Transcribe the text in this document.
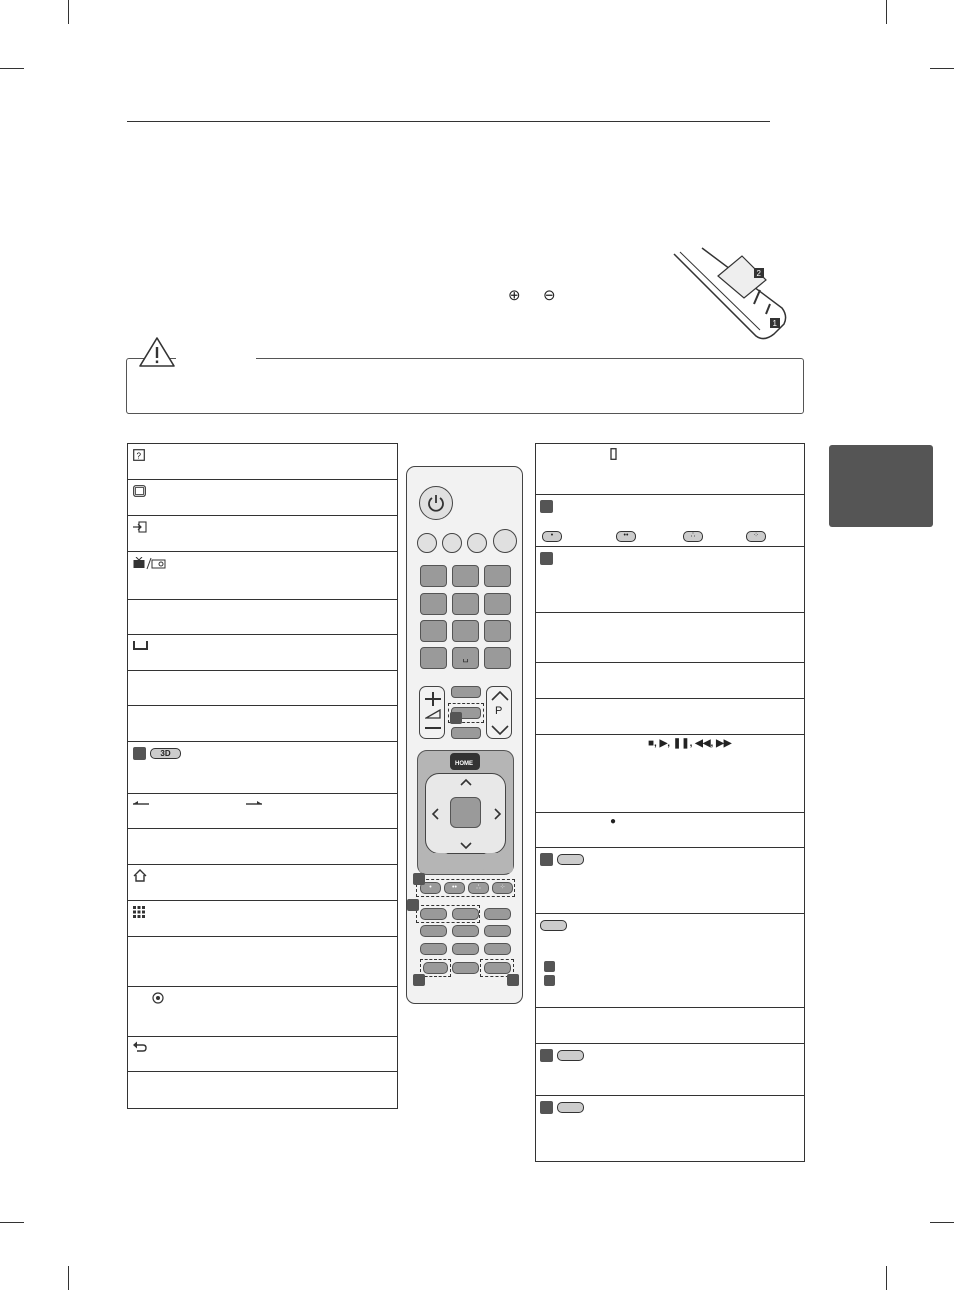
⊕ ⊖
2
1
?
3D
␣
P
HOME
•	••	∴	⁘
•	••	∴	⁘
■, ▶, ❚❚, ◀◀, ▶▶
●
